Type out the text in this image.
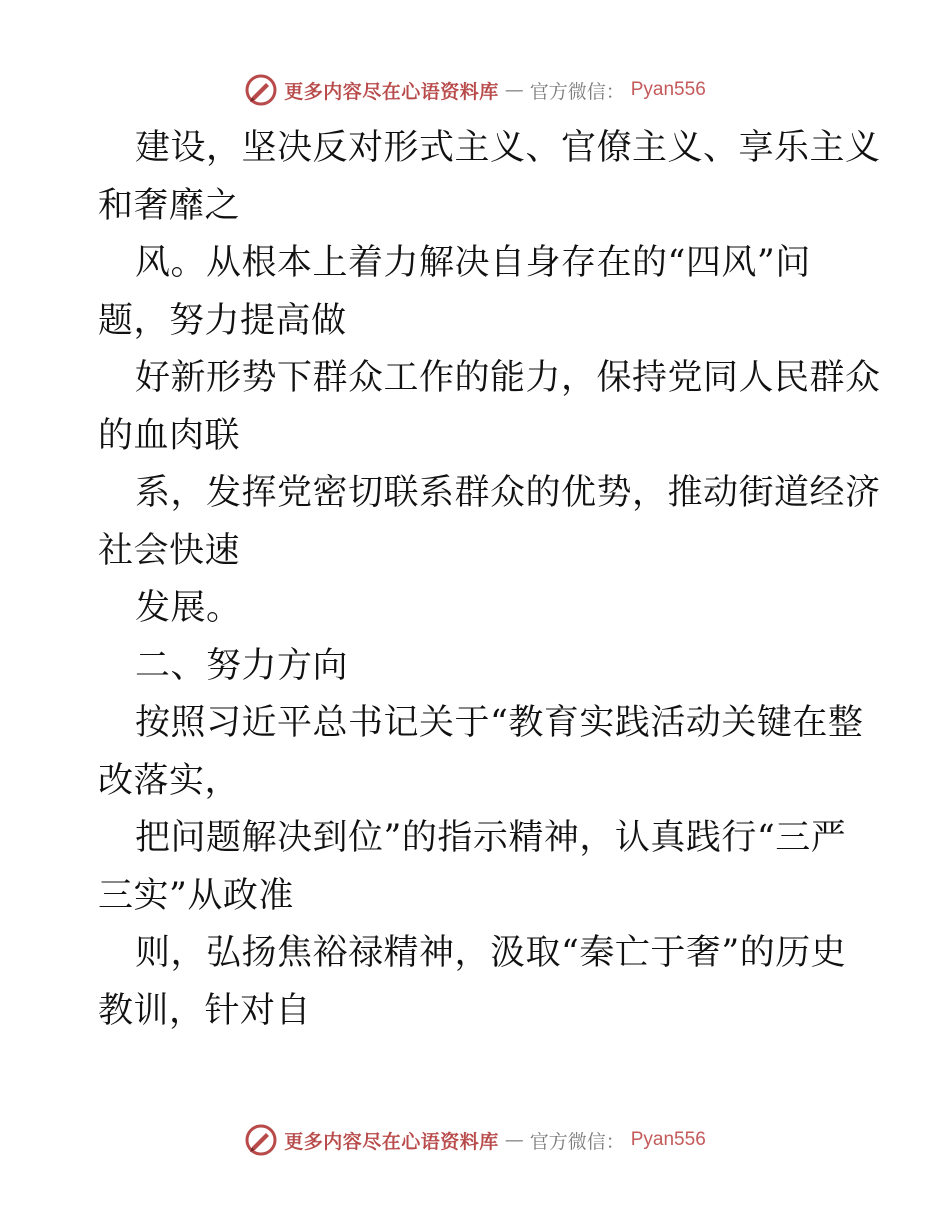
更多内容尽在心语资料库 — 官方微信： Pyan556
建设，坚决反对形式主义、官僚主义、享乐主义
和奢靡之
风。从根本上着力解决自身存在的“四风”问
题，努力提高做
好新形势下群众工作的能力，保持党同人民群众
的血肉联
系，发挥党密切联系群众的优势，推动街道经济
社会快速
发展。
二、努力方向
按照习近平总书记关于“教育实践活动关键在整
改落实，
把问题解决到位”的指示精神，认真践行“三严
三实”从政准
则，弘扬焦裕禄精神，汲取“秦亡于奢”的历史
教训，针对自
更多内容尽在心语资料库 — 官方微信： Pyan556
